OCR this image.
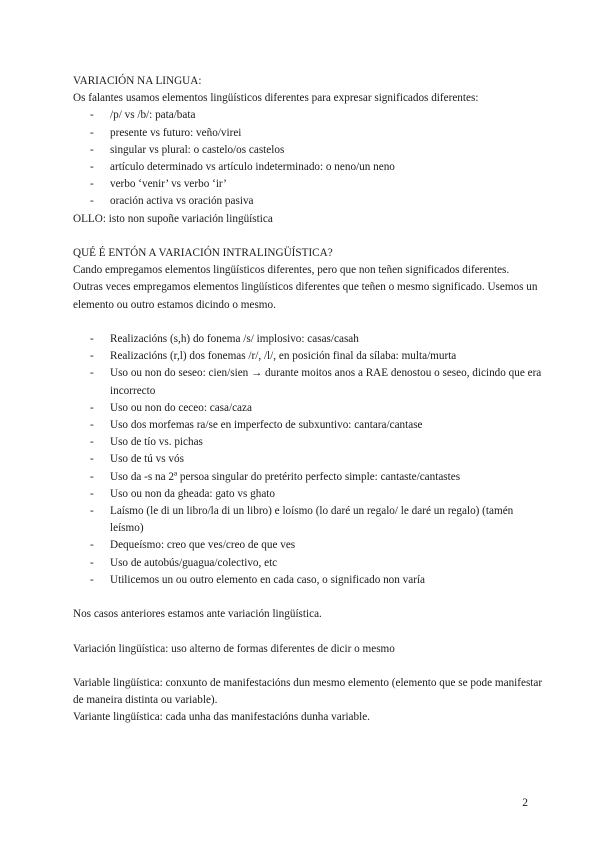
VARIACIÓN NA LINGUA:

Os falantes usamos elementos lingüísticos diferentes para expresar significados diferentes:

- /p/ vs /b/: pata/bata
- presente vs futuro: veño/virei
- singular vs plural: o castelo/os castelos
- artículo determinado vs artículo indeterminado: o neno/un neno
- verbo ‘venir’ vs verbo ‘ir’
- oración activa vs oración pasiva

OLLO: isto non supoñe variación lingüística

QUÉ É ENTÓN A VARIACIÓN INTRALINGÜÍSTICA?

Cando empregamos elementos lingüísticos diferentes, pero que non teñen significados diferentes.

Outras veces empregamos elementos lingüísticos diferentes que teñen o mesmo significado. Usemos un elemento ou outro estamos dicindo o mesmo.

- Realizacións (s,h) do fonema /s/ implosivo: casas/casah
- Realizacións (r,l) dos fonemas /r/, /l/, en posición final da sílaba: multa/murta
- Uso ou non do seseo: cien/sien → durante moitos anos a RAE denostou o seseo, dicindo que era incorrecto
- Uso ou non do ceceo: casa/caza
- Uso dos morfemas ra/se en imperfecto de subxuntivo: cantara/cantase
- Uso de tío vs. pichas
- Uso de tú vs vós
- Uso da -s na 2ª persoa singular do pretérito perfecto simple: cantaste/cantastes
- Uso ou non da gheada: gato vs ghato
- Laísmo (le di un libro/la di un libro) e loísmo (lo daré un regalo/ le daré un regalo) (tamén leísmo)
- Dequeísmo: creo que ves/creo de que ves
- Uso de autobús/guagua/colectivo, etc
- Utilicemos un ou outro elemento en cada caso, o significado non varía

Nos casos anteriores estamos ante variación lingüística.

Variación lingüística: uso alterno de formas diferentes de dicir o mesmo

Variable lingüística: conxunto de manifestacións dun mesmo elemento (elemento que se pode manifestar de maneira distinta ou variable).

Variante lingüística: cada unha das manifestacións dunha variable.

2
